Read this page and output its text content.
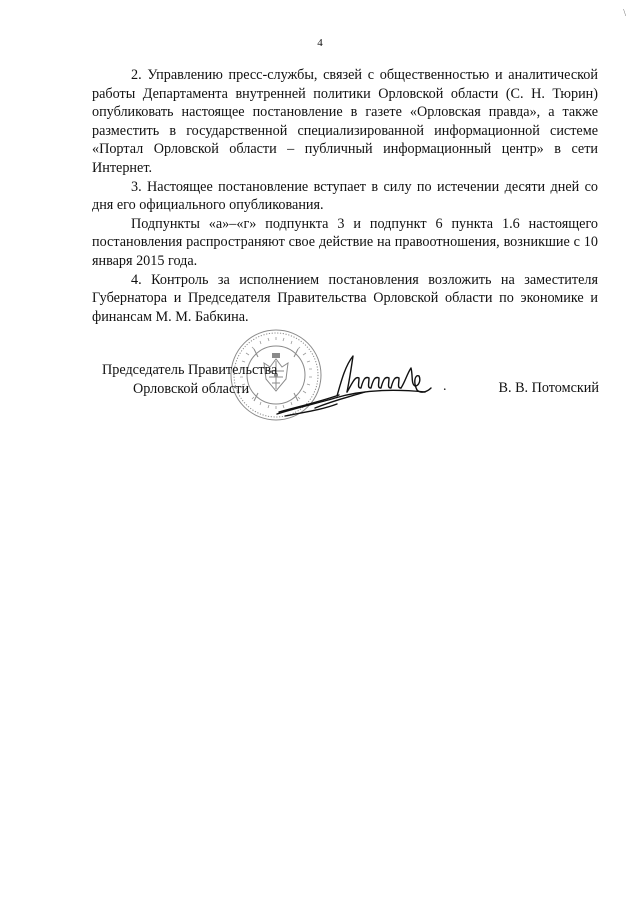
\
4

2. Управлению пресс-службы, связей с общественностью и аналитической работы Департамента внутренней политики Орловской области (С. Н. Тюрин) опубликовать настоящее постановление в газете «Орловская правда», а также разместить в государственной специализированной информационной системе «Портал Орловской области – публичный информационный центр» в сети Интернет.

3. Настоящее постановление вступает в силу по истечении десяти дней со дня его официального опубликования.

Подпункты «а»–«г» подпункта 3 и подпункт 6 пункта 1.6 настоящего постановления распространяют свое действие на правоотношения, возникшие с 10 января 2015 года.

4. Контроль за исполнением постановления возложить на заместителя Губернатора и Председателя Правительства Орловской области по экономике и финансам М. М. Бабкина.

Председатель Правительства
Орловской области	.	В. В. Потомский
